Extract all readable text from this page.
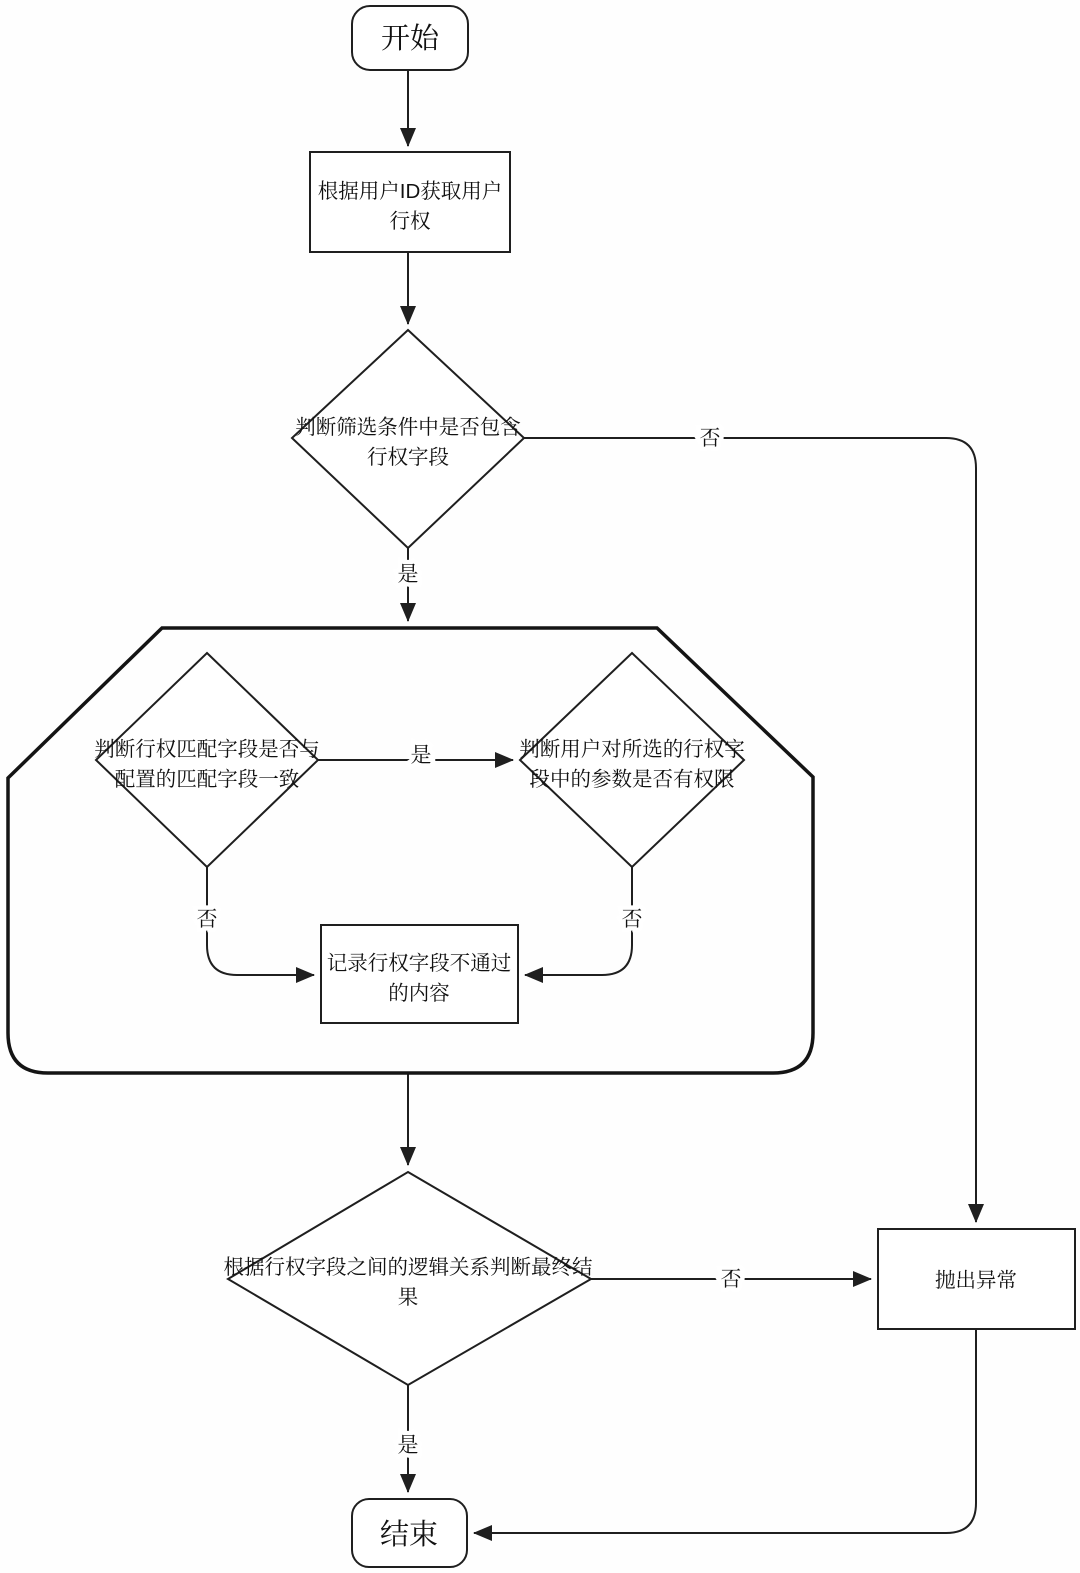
开始
根据用户ID获取用户
行权
判断筛选条件中是否包含
行权字段
判断行权匹配字段是否与
配置的匹配字段一致
判断用户对所选的行权字
段中的参数是否有权限
记录行权字段不通过
的内容
根据行权字段之间的逻辑关系判断最终结
果
抛出异常
结束
否
是
是
否	否
否
是
